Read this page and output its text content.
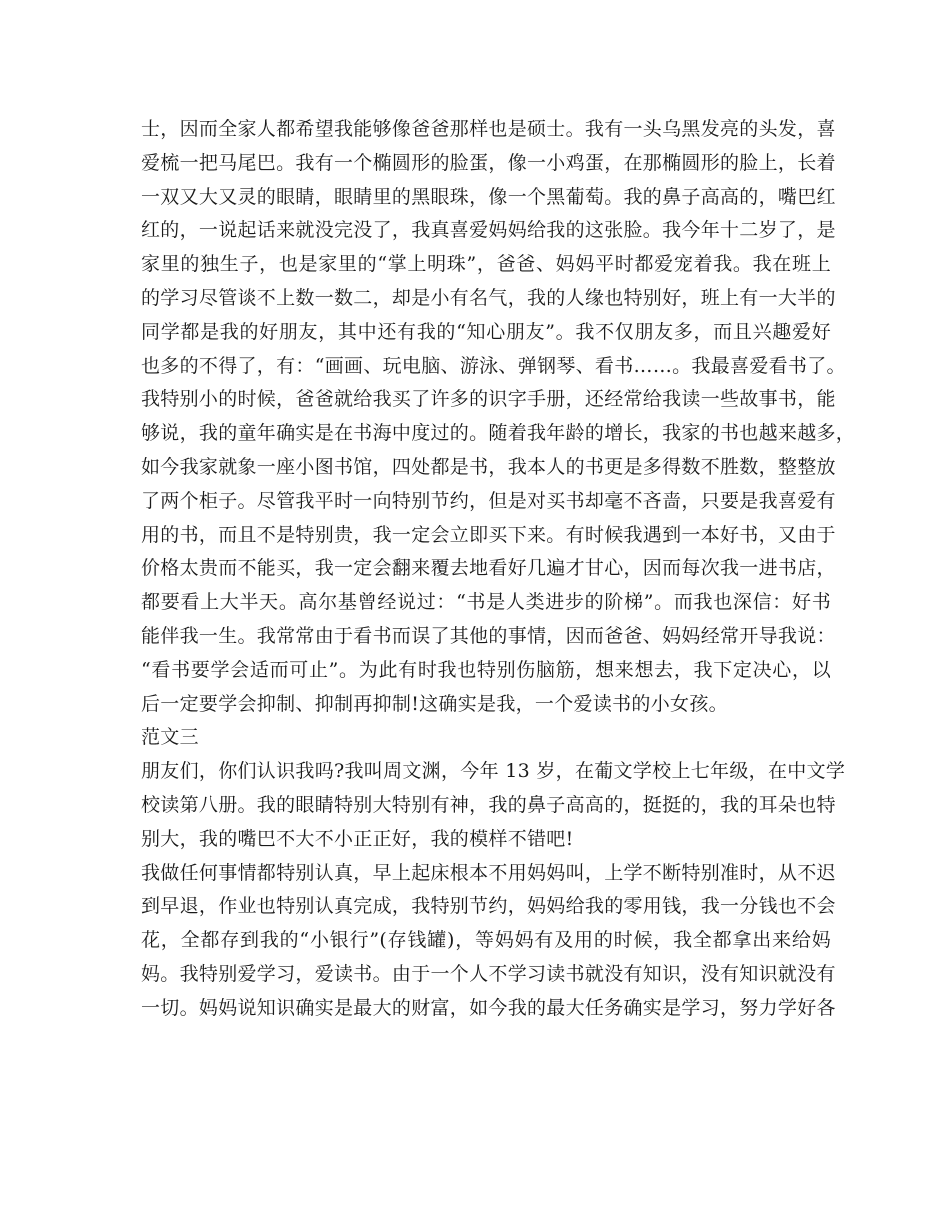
士，因而全家人都希望我能够像爸爸那样也是硕士。我有一头乌黑发亮的头发，喜
爱梳一把马尾巴。我有一个椭圆形的脸蛋，像一小鸡蛋，在那椭圆形的脸上，长着
一双又大又灵的眼睛，眼睛里的黑眼珠，像一个黑葡萄。我的鼻子高高的，嘴巴红
红的，一说起话来就没完没了，我真喜爱妈妈给我的这张脸。我今年十二岁了，是
家里的独生子，也是家里的“掌上明珠”，爸爸、妈妈平时都爱宠着我。我在班上
的学习尽管谈不上数一数二，却是小有名气，我的人缘也特别好，班上有一大半的
同学都是我的好朋友，其中还有我的“知心朋友”。我不仅朋友多，而且兴趣爱好
也多的不得了，有：“画画、玩电脑、游泳、弹钢琴、看书……。我最喜爱看书了。
我特别小的时候，爸爸就给我买了许多的识字手册，还经常给我读一些故事书，能
够说，我的童年确实是在书海中度过的。随着我年龄的增长，我家的书也越来越多，
如今我家就象一座小图书馆，四处都是书，我本人的书更是多得数不胜数，整整放
了两个柜子。尽管我平时一向特别节约，但是对买书却毫不吝啬，只要是我喜爱有
用的书，而且不是特别贵，我一定会立即买下来。有时候我遇到一本好书，又由于
价格太贵而不能买，我一定会翻来覆去地看好几遍才甘心，因而每次我一进书店，
都要看上大半天。高尔基曾经说过：“书是人类进步的阶梯”。而我也深信：好书
能伴我一生。我常常由于看书而误了其他的事情，因而爸爸、妈妈经常开导我说：
“看书要学会适而可止”。为此有时我也特别伤脑筋，想来想去，我下定决心，以
后一定要学会抑制、抑制再抑制!这确实是我，一个爱读书的小女孩。
范文三
朋友们，你们认识我吗?我叫周文渊，今年 13 岁，在葡文学校上七年级，在中文学
校读第八册。我的眼睛特别大特别有神，我的鼻子高高的，挺挺的，我的耳朵也特
别大，我的嘴巴不大不小正正好，我的模样不错吧!
我做任何事情都特别认真，早上起床根本不用妈妈叫，上学不断特别准时，从不迟
到早退，作业也特别认真完成，我特别节约，妈妈给我的零用钱，我一分钱也不会
花，全都存到我的“小银行”(存钱罐)，等妈妈有及用的时候，我全都拿出来给妈
妈。我特别爱学习，爱读书。由于一个人不学习读书就没有知识，没有知识就没有
一切。妈妈说知识确实是最大的财富，如今我的最大任务确实是学习，努力学好各
